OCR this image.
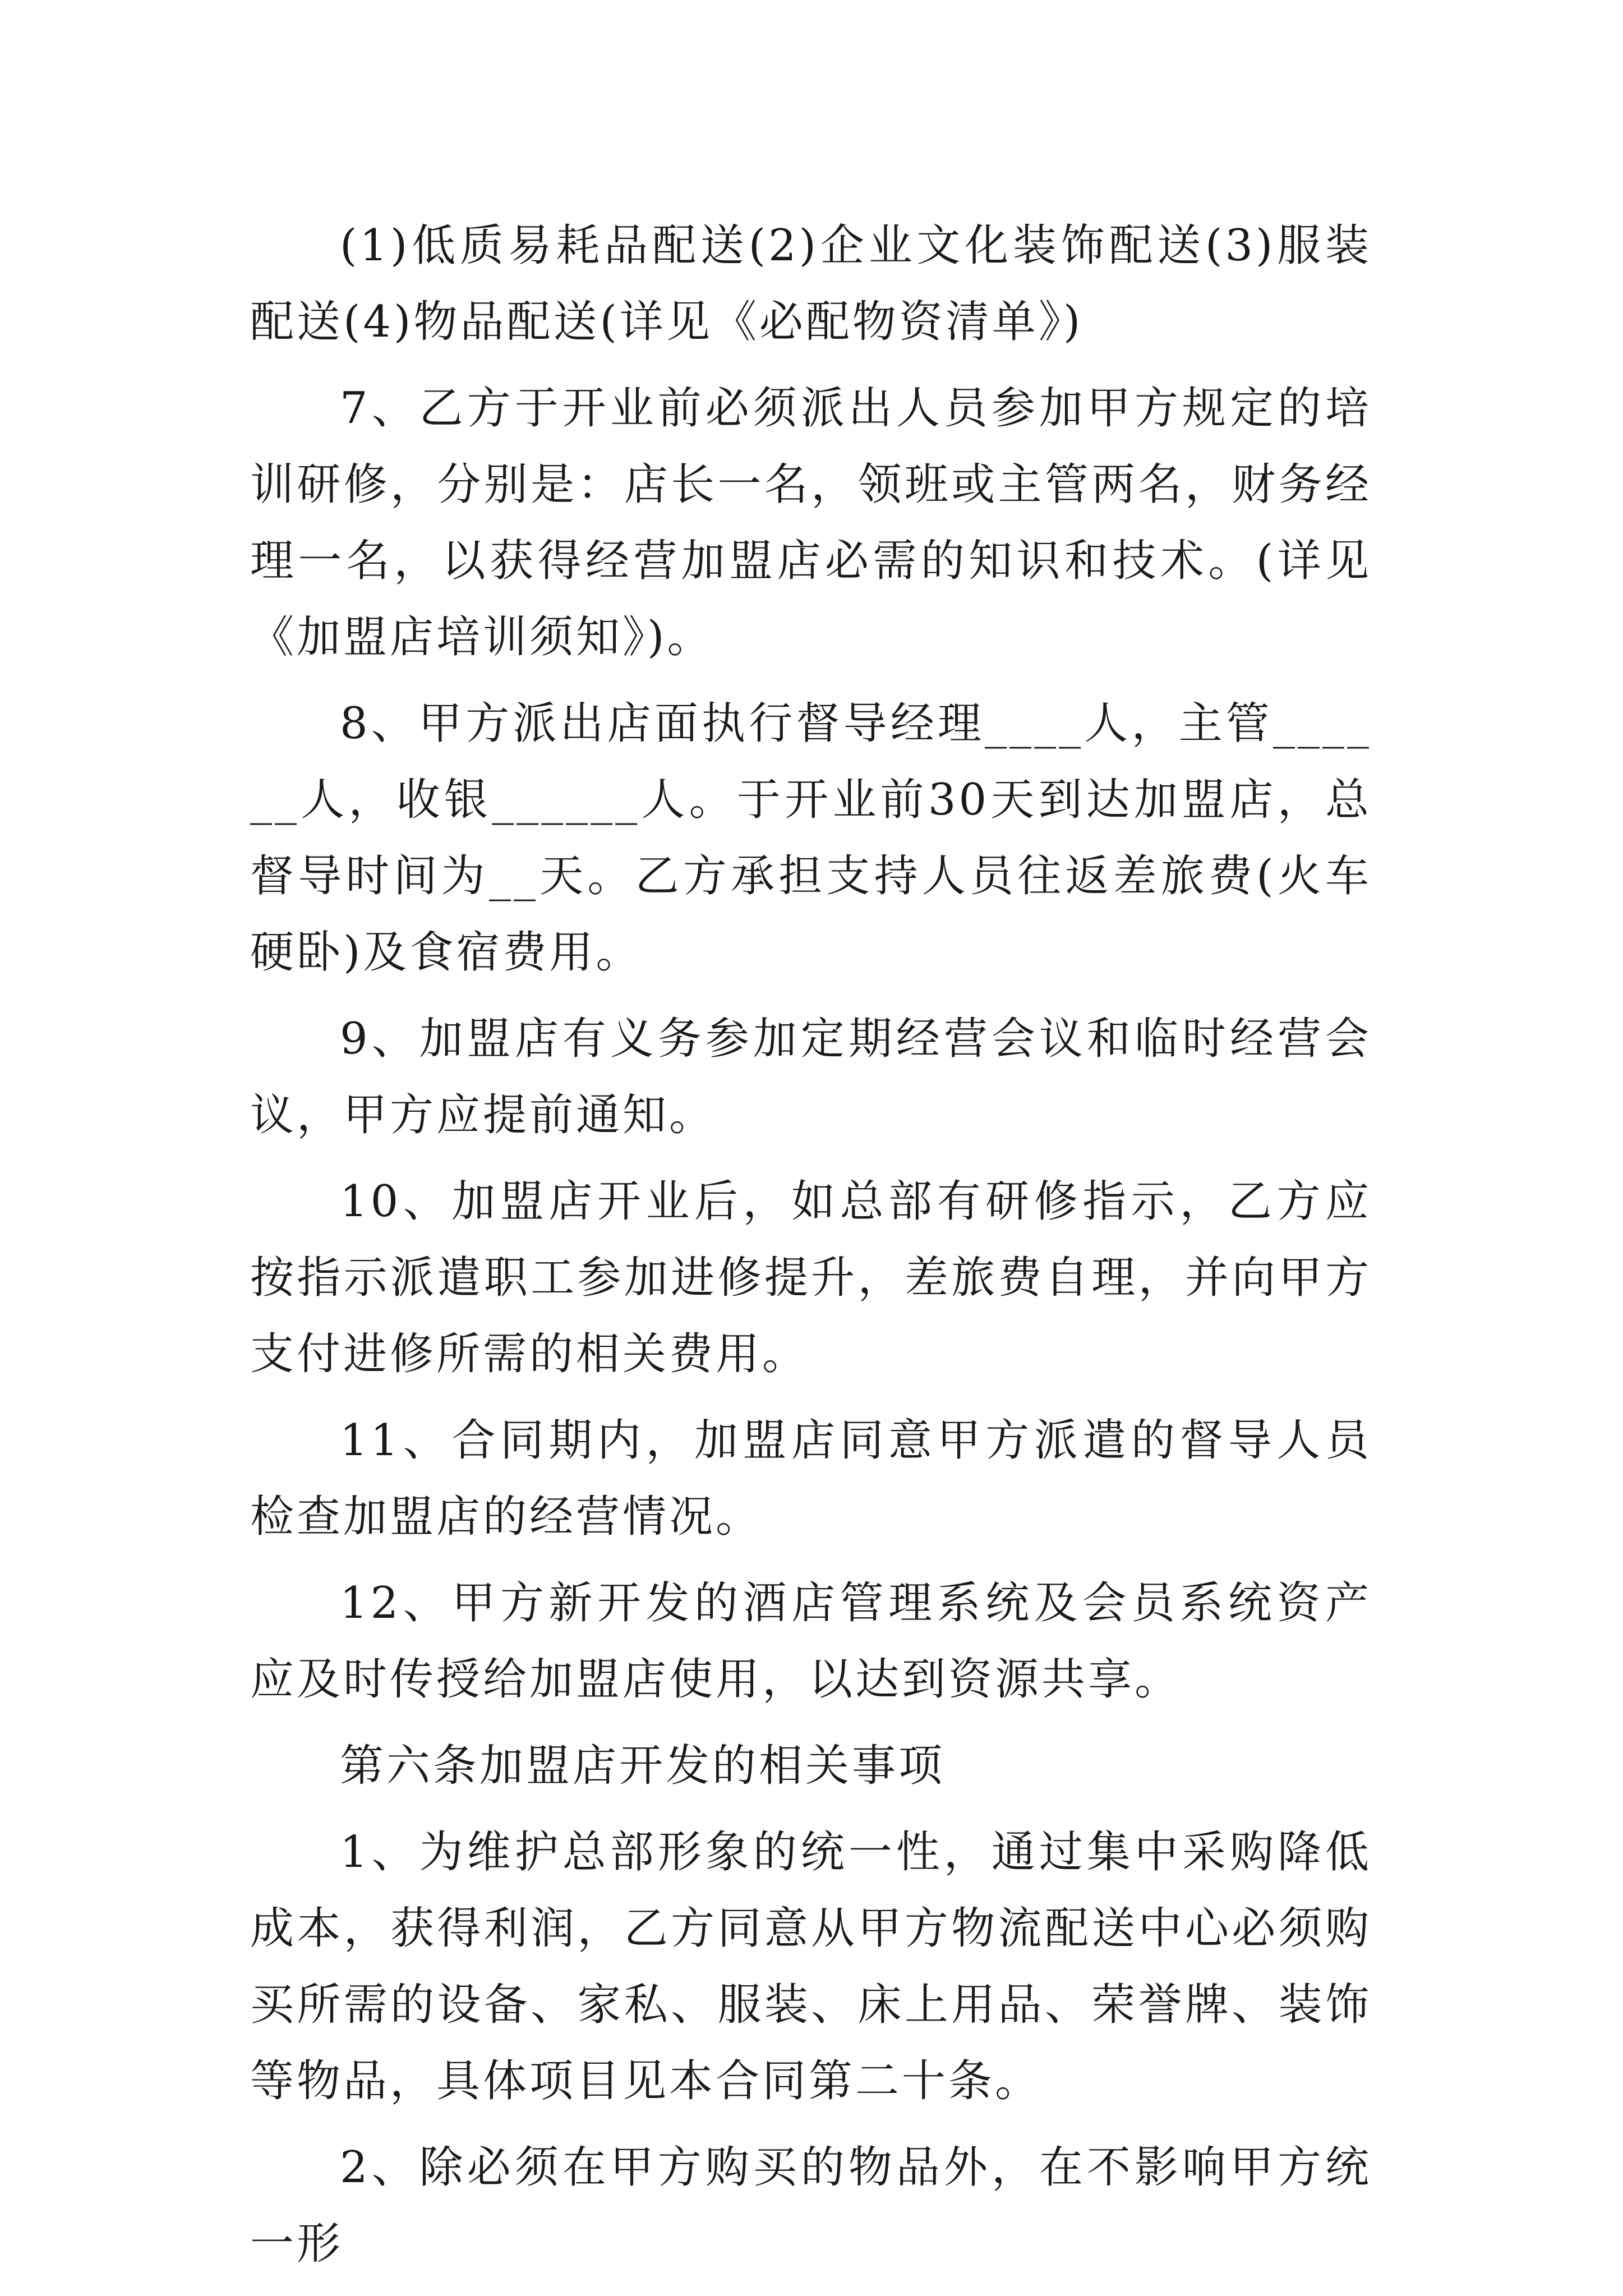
(1)低质易耗品配送(2)企业文化装饰配送(3)服装配送(4)物品配送(详见《必配物资清单》)

7、乙方于开业前必须派出人员参加甲方规定的培训研修，分别是：店长一名，领班或主管两名，财务经理一名，以获得经营加盟店必需的知识和技术。(详见《加盟店培训须知》)。

8、甲方派出店面执行督导经理____人，主管______人，收银______人。于开业前30天到达加盟店，总督导时间为__天。乙方承担支持人员往返差旅费(火车硬卧)及食宿费用。

9、加盟店有义务参加定期经营会议和临时经营会议，甲方应提前通知。

10、加盟店开业后，如总部有研修指示，乙方应按指示派遣职工参加进修提升，差旅费自理，并向甲方支付进修所需的相关费用。

11、合同期内，加盟店同意甲方派遣的督导人员检查加盟店的经营情况。

12、甲方新开发的酒店管理系统及会员系统资产应及时传授给加盟店使用，以达到资源共享。

第六条加盟店开发的相关事项

1、为维护总部形象的统一性，通过集中采购降低成本，获得利润，乙方同意从甲方物流配送中心必须购买所需的设备、家私、服装、床上用品、荣誉牌、装饰等物品，具体项目见本合同第二十条。

2、除必须在甲方购买的物品外，在不影响甲方统一形
